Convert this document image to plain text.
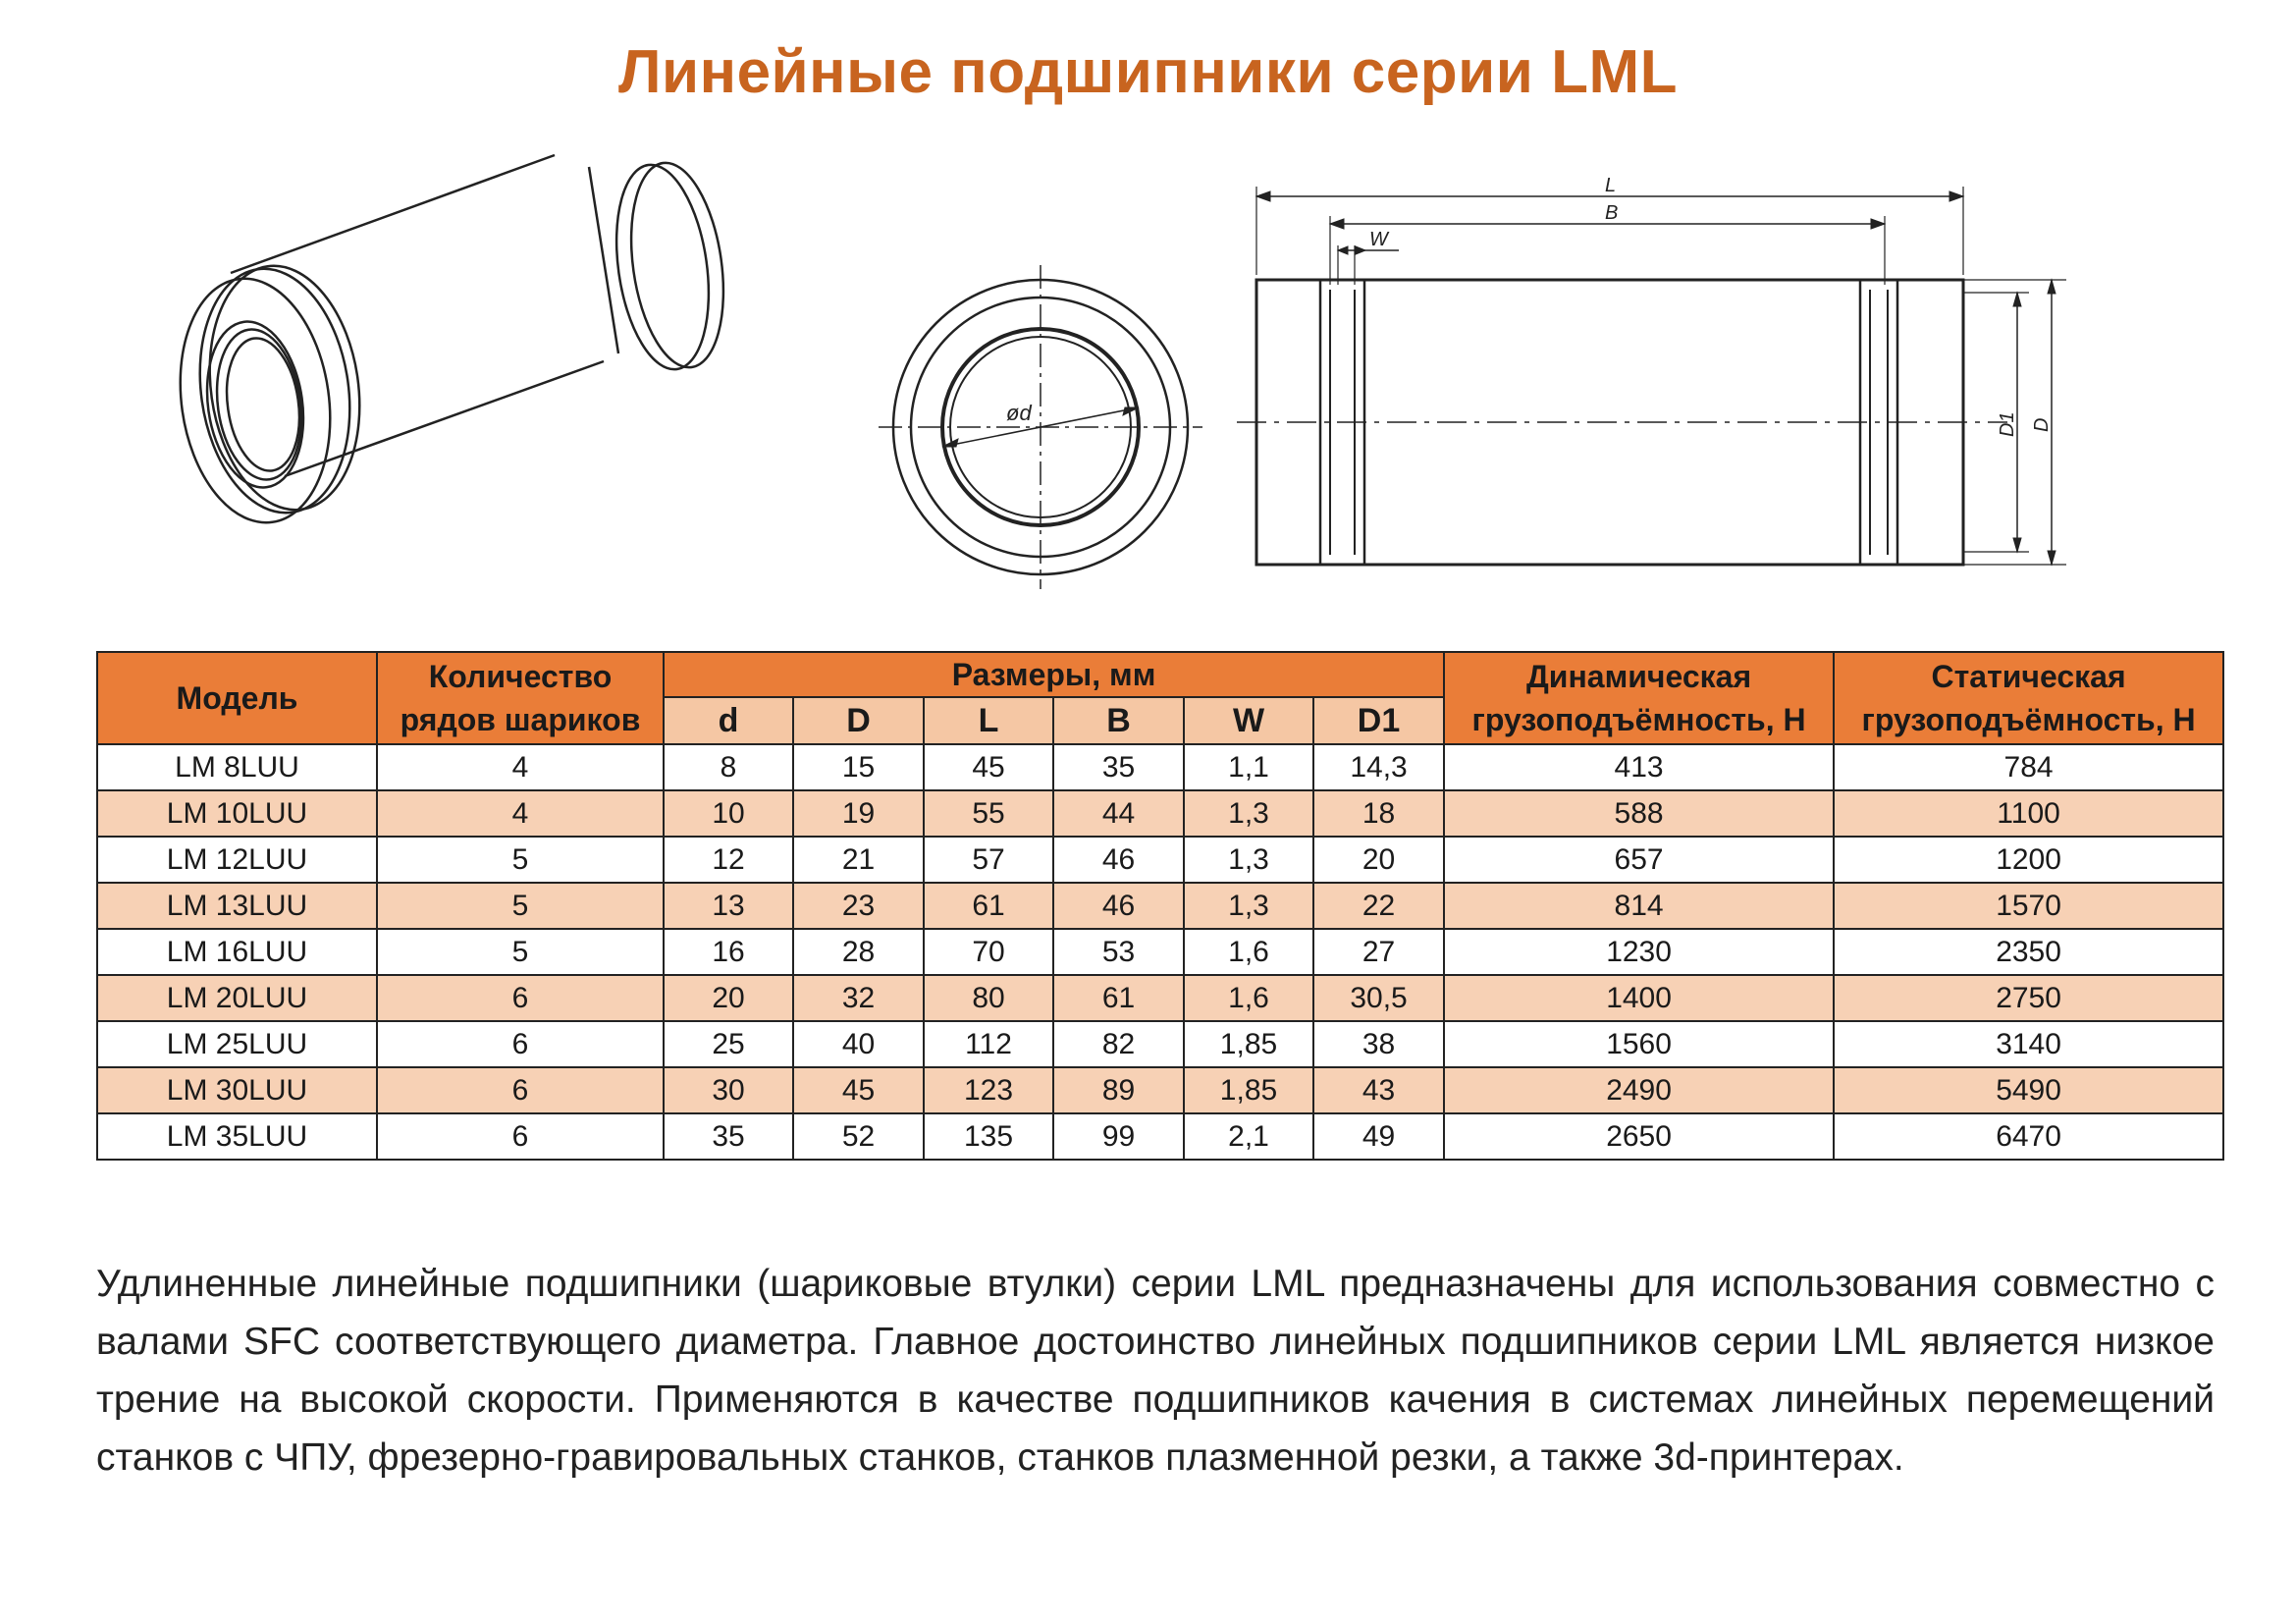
Линейные подшипники серии LML
ød
L
B
W
D1 D
Модель	Количество рядов шариков	Размеры, мм						Динамическая грузоподъёмность, Н	Статическая грузоподъёмность, Н
		d	D	L	B	W	D1		
LM 8LUU	4	8	15	45	35	1,1	14,3	413	784
LM 10LUU	4	10	19	55	44	1,3	18	588	1100
LM 12LUU	5	12	21	57	46	1,3	20	657	1200
LM 13LUU	5	13	23	61	46	1,3	22	814	1570
LM 16LUU	5	16	28	70	53	1,6	27	1230	2350
LM 20LUU	6	20	32	80	61	1,6	30,5	1400	2750
LM 25LUU	6	25	40	112	82	1,85	38	1560	3140
LM 30LUU	6	30	45	123	89	1,85	43	2490	5490
LM 35LUU	6	35	52	135	99	2,1	49	2650	6470
Удлиненные линейные подшипники (шариковые втулки) серии LML предназначены для использования совместно с валами SFC соответствующего диаметра. Главное достоинство линейных подшипников серии LML является низкое трение на высокой скорости. Применяются в качестве подшипников качения в системах линейных перемещений станков с ЧПУ, фрезерно-гравировальных станков, станков плазменной резки, а также 3d-принтерах.
